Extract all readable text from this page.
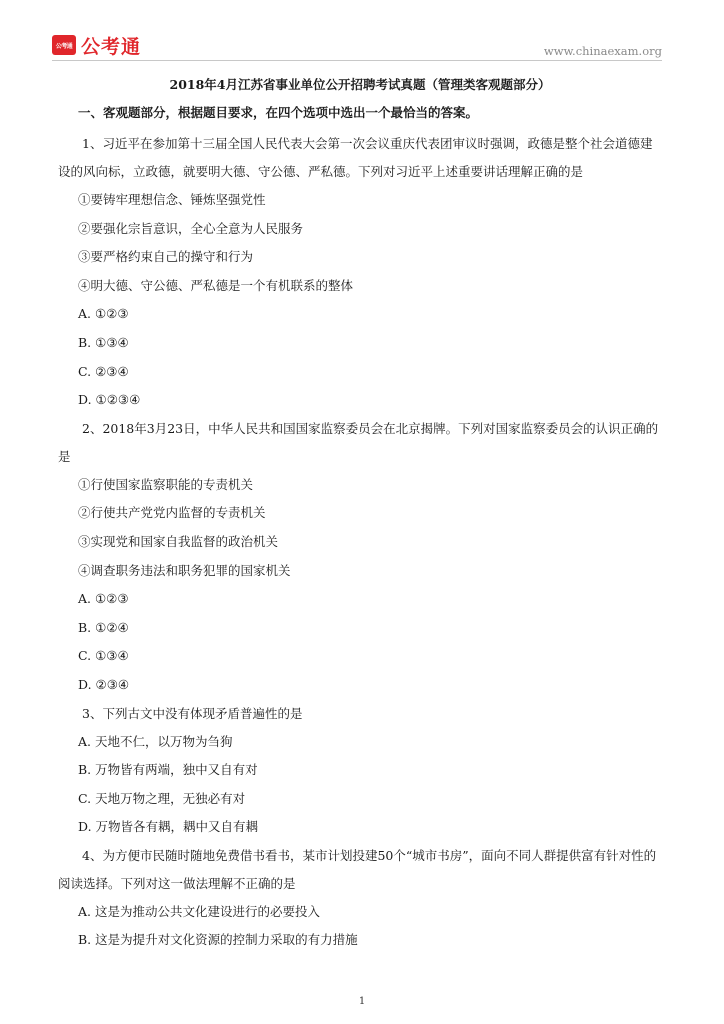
公考通 公考通	www.chinaexam.org

2018年4月江苏省事业单位公开招聘考试真题（管理类客观题部分）

一、客观题部分，根据题目要求，在四个选项中选出一个最恰当的答案。

1、习近平在参加第十三届全国人民代表大会第一次会议重庆代表团审议时强调，政德是整个社会道德建设的风向标，立政德，就要明大德、守公德、严私德。下列对习近平上述重要讲话理解正确的是

①要铸牢理想信念、锤炼坚强党性

②要强化宗旨意识，全心全意为人民服务

③要严格约束自己的操守和行为

④明大德、守公德、严私德是一个有机联系的整体

A. ①②③

B. ①③④

C. ②③④

D. ①②③④

2、2018年3月23日，中华人民共和国国家监察委员会在北京揭牌。下列对国家监察委员会的认识正确的是

①行使国家监察职能的专责机关

②行使共产党党内监督的专责机关

③实现党和国家自我监督的政治机关

④调查职务违法和职务犯罪的国家机关

A. ①②③

B. ①②④

C. ①③④

D. ②③④

3、下列古文中没有体现矛盾普遍性的是

A. 天地不仁，以万物为刍狗

B. 万物皆有两端，独中又自有对

C. 天地万物之理，无独必有对

D. 万物皆各有耦，耦中又自有耦

4、为方便市民随时随地免费借书看书，某市计划投建50个“城市书房”，面向不同人群提供富有针对性的阅读选择。下列对这一做法理解不正确的是

A. 这是为推动公共文化建设进行的必要投入

B. 这是为提升对文化资源的控制力采取的有力措施

1
